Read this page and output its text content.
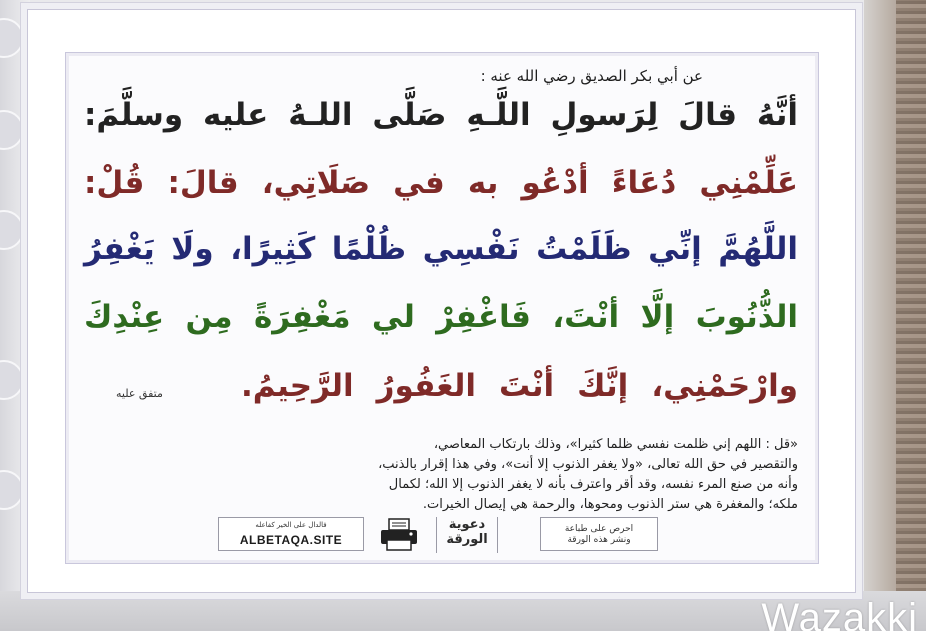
Wazakki
عن أبي بكر الصديق رضي الله عنه :
أنَّهُ قالَ لِرَسولِ اللَّـهِ صَلَّى اللـهُ عليه وسلَّمَ:
عَلِّمْنِي دُعَاءً أدْعُو به في صَلَاتِي، قالَ: قُلْ:
اللَّهُمَّ إنِّي ظَلَمْتُ نَفْسِي ظُلْمًا كَثِيرًا، ولَا يَغْفِرُ
الذُّنُوبَ إلَّا أنْتَ، فَاغْفِرْ لي مَغْفِرَةً مِن عِنْدِكَ
وارْحَمْنِي، إنَّكَ أنْتَ الغَفُورُ الرَّحِيمُ.
متفق عليه
«قل : اللهم إني ظلمت نفسي ظلما كثيرا»، وذلك بارتكاب المعاصي،
والتقصير في حق الله تعالى، «ولا يغفر الذنوب إلا أنت»، وفي هذا إقرار بالذنب،
وأنه من صنع المرء نفسه، وقد أقر واعترف بأنه لا يغفر الذنوب إلا الله؛ لكمال
ملكه؛ والمغفرة هي ستر الذنوب ومحوها، والرحمة هي إيصال الخيرات.
فالدال على الخير كفاعله
ALBETAQA.SITE
دعوية
الورقة
احرص على طباعة
ونشر هذه الورقة
